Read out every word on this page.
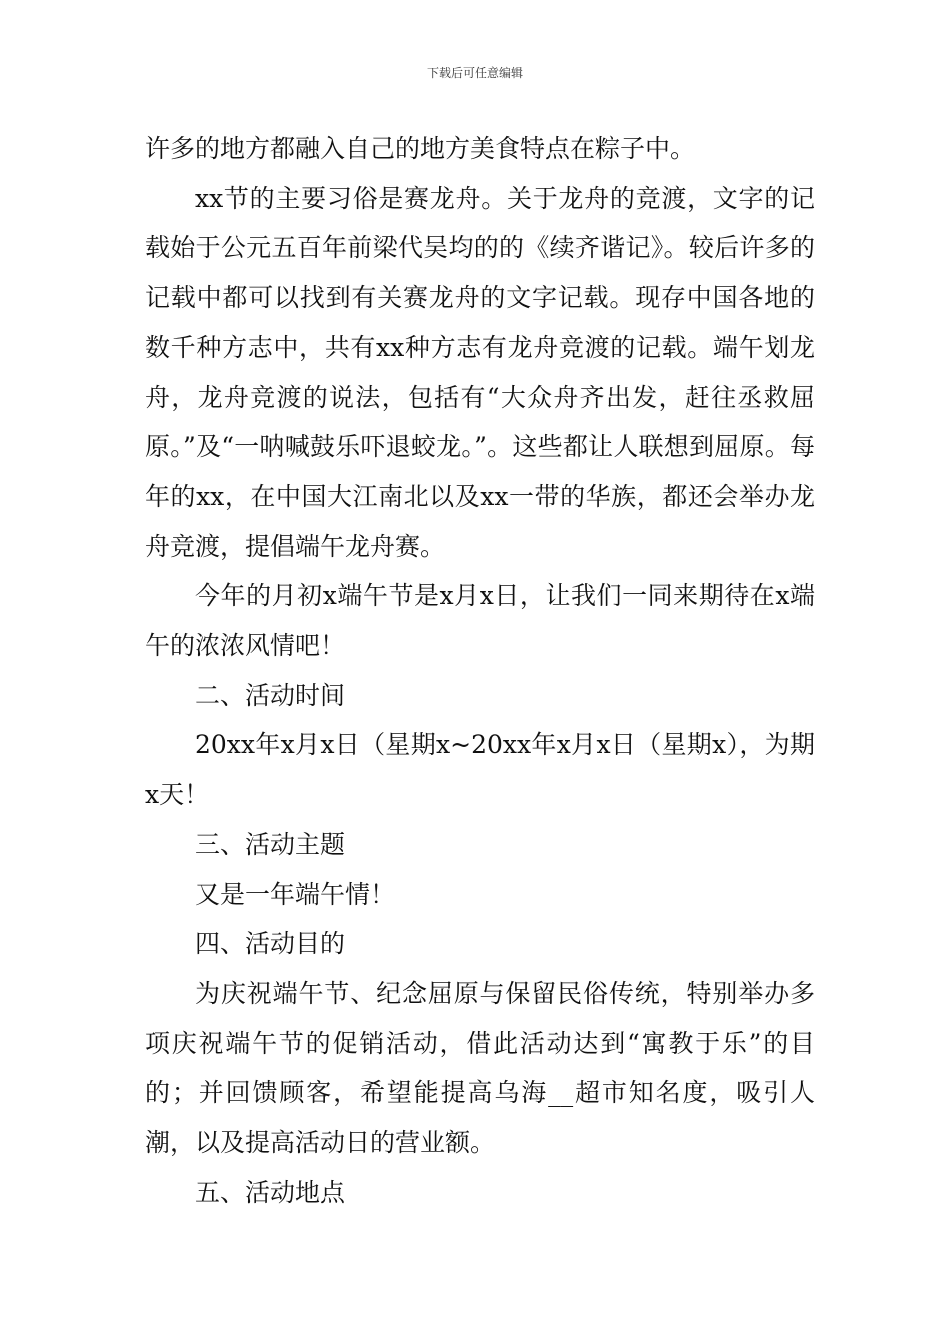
下载后可任意编辑

许多的地方都融入自己的地方美食特点在粽子中。

xx节的主要习俗是赛龙舟。关于龙舟的竞渡，文字的记载始于公元五百年前梁代吴均的的《续齐谐记》。较后许多的记载中都可以找到有关赛龙舟的文字记载。现存中国各地的数千种方志中，共有xx种方志有龙舟竞渡的记载。端午划龙舟，龙舟竞渡的说法，包括有“大众舟齐出发，赶往丞救屈原。”及“一呐喊鼓乐吓退蛟龙。”。这些都让人联想到屈原。每年的xx，在中国大江南北以及xx一带的华族，都还会举办龙舟竞渡，提倡端午龙舟赛。

今年的月初x端午节是x月x日，让我们一同来期待在x端午的浓浓风情吧！

二、活动时间

20xx年x月x日（星期x~20xx年x月x日（星期x），为期x天！

三、活动主题

又是一年端午情！

四、活动目的

为庆祝端午节、纪念屈原与保留民俗传统，特别举办多项庆祝端午节的促销活动，借此活动达到“寓教于乐”的目的；并回馈顾客，希望能提高乌海__超市知名度，吸引人潮，以及提高活动日的营业额。

五、活动地点
